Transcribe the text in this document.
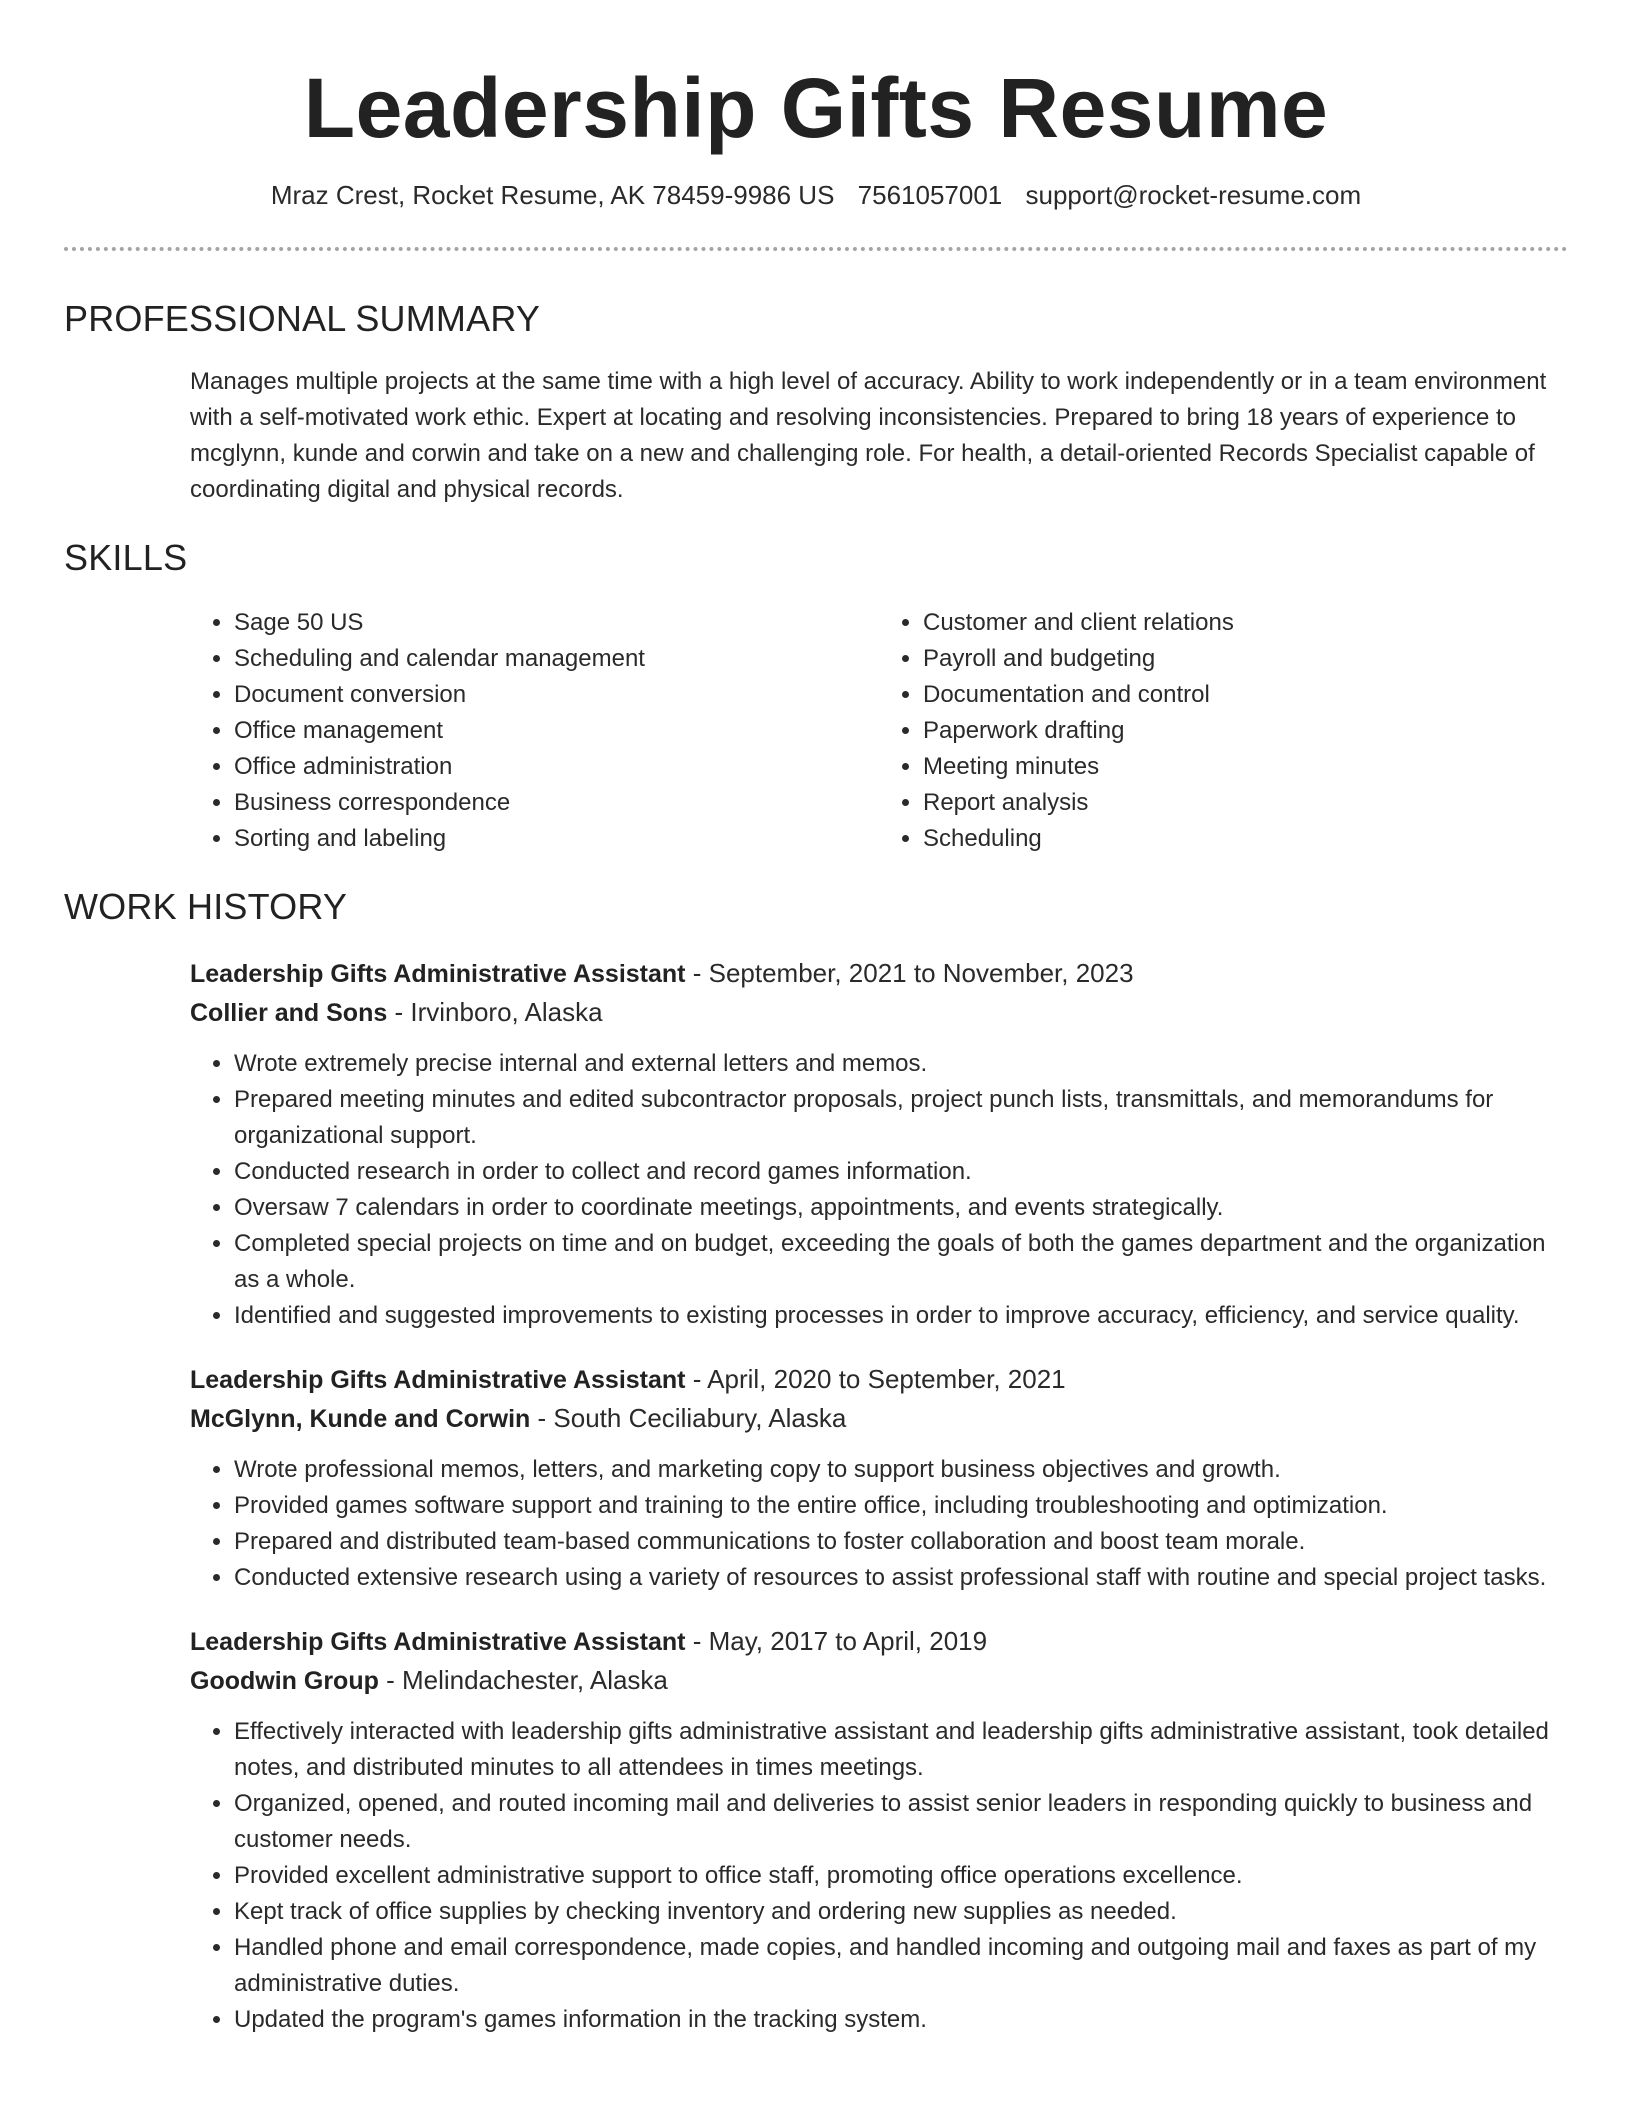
Leadership Gifts Resume
Mraz Crest, Rocket Resume, AK 78459-9986 US 7561057001 support@rocket-resume.com
PROFESSIONAL SUMMARY
Manages multiple projects at the same time with a high level of accuracy. Ability to work independently or in a team environment with a self-motivated work ethic. Expert at locating and resolving inconsistencies. Prepared to bring 18 years of experience to mcglynn, kunde and corwin and take on a new and challenging role. For health, a detail-oriented Records Specialist capable of coordinating digital and physical records.
SKILLS
• Sage 50 US
• Scheduling and calendar management
• Document conversion
• Office management
• Office administration
• Business correspondence
• Sorting and labeling
• Customer and client relations
• Payroll and budgeting
• Documentation and control
• Paperwork drafting
• Meeting minutes
• Report analysis
• Scheduling
WORK HISTORY
Leadership Gifts Administrative Assistant - September, 2021 to November, 2023
Collier and Sons - Irvinboro, Alaska
• Wrote extremely precise internal and external letters and memos.
• Prepared meeting minutes and edited subcontractor proposals, project punch lists, transmittals, and memorandums for organizational support.
• Conducted research in order to collect and record games information.
• Oversaw 7 calendars in order to coordinate meetings, appointments, and events strategically.
• Completed special projects on time and on budget, exceeding the goals of both the games department and the organization as a whole.
• Identified and suggested improvements to existing processes in order to improve accuracy, efficiency, and service quality.
Leadership Gifts Administrative Assistant - April, 2020 to September, 2021
McGlynn, Kunde and Corwin - South Ceciliabury, Alaska
• Wrote professional memos, letters, and marketing copy to support business objectives and growth.
• Provided games software support and training to the entire office, including troubleshooting and optimization.
• Prepared and distributed team-based communications to foster collaboration and boost team morale.
• Conducted extensive research using a variety of resources to assist professional staff with routine and special project tasks.
Leadership Gifts Administrative Assistant - May, 2017 to April, 2019
Goodwin Group - Melindachester, Alaska
• Effectively interacted with leadership gifts administrative assistant and leadership gifts administrative assistant, took detailed notes, and distributed minutes to all attendees in times meetings.
• Organized, opened, and routed incoming mail and deliveries to assist senior leaders in responding quickly to business and customer needs.
• Provided excellent administrative support to office staff, promoting office operations excellence.
• Kept track of office supplies by checking inventory and ordering new supplies as needed.
• Handled phone and email correspondence, made copies, and handled incoming and outgoing mail and faxes as part of my administrative duties.
• Updated the program's games information in the tracking system.
